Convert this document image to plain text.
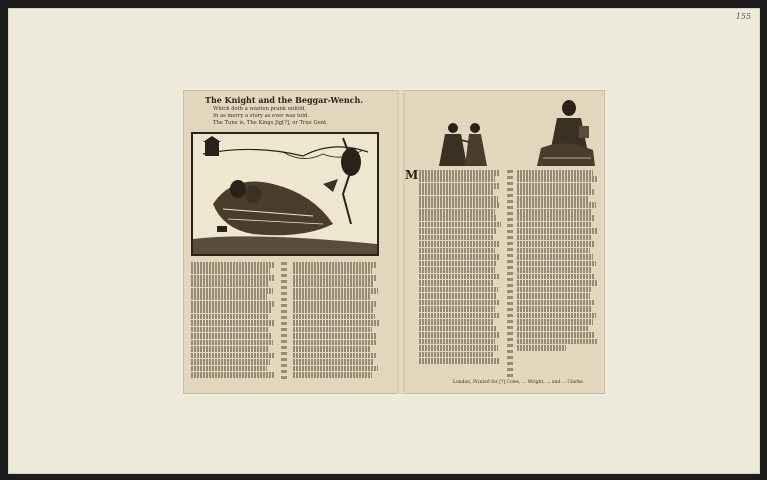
155
The Knight and the Beggar-Wench.
Which doth a wanton prank unfold,
In as merry a story as ever was told.
The Tune is, The Kings Jig[?], or True Gent.
M
London, Printed for [?] Coles, ... Wright, ... and ... Clarke.
